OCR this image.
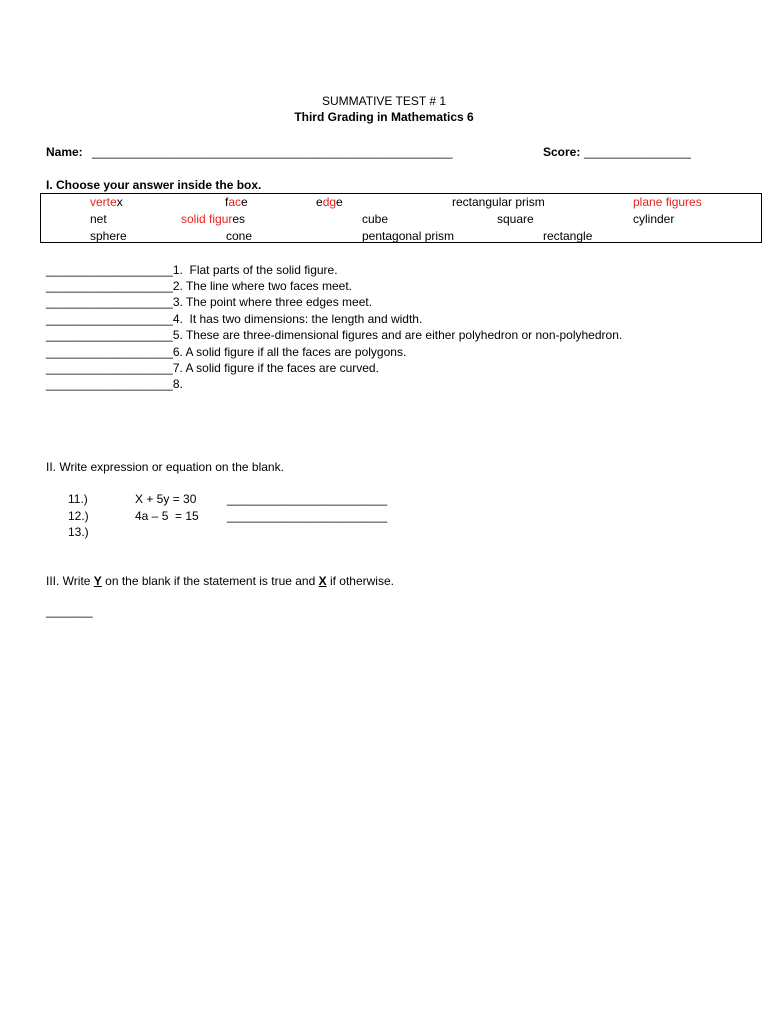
SUMMATIVE TEST # 1
Third Grading in Mathematics 6
Name: ______________________________________________________	Score: ________________
I. Choose your answer inside the box.
vertex	face	edge	rectangular prism	plane figures
net	solid figures	cube	square	cylinder
sphere	cone	pentagonal prism	rectangle
___________________1.  Flat parts of the solid figure.
___________________2. The line where two faces meet.
___________________3. The point where three edges meet.
___________________4.  It has two dimensions: the length and width.
___________________5. These are three-dimensional figures and are either polyhedron or non-polyhedron.
___________________6. A solid figure if all the faces are polygons.
___________________7. A solid figure if the faces are curved.
___________________8.
II. Write expression or equation on the blank.
11.)	X + 5y = 30	________________________
12.)	4a – 5  = 15 ________________________
13.)
III. Write Y on the blank if the statement is true and X if otherwise.
_______
